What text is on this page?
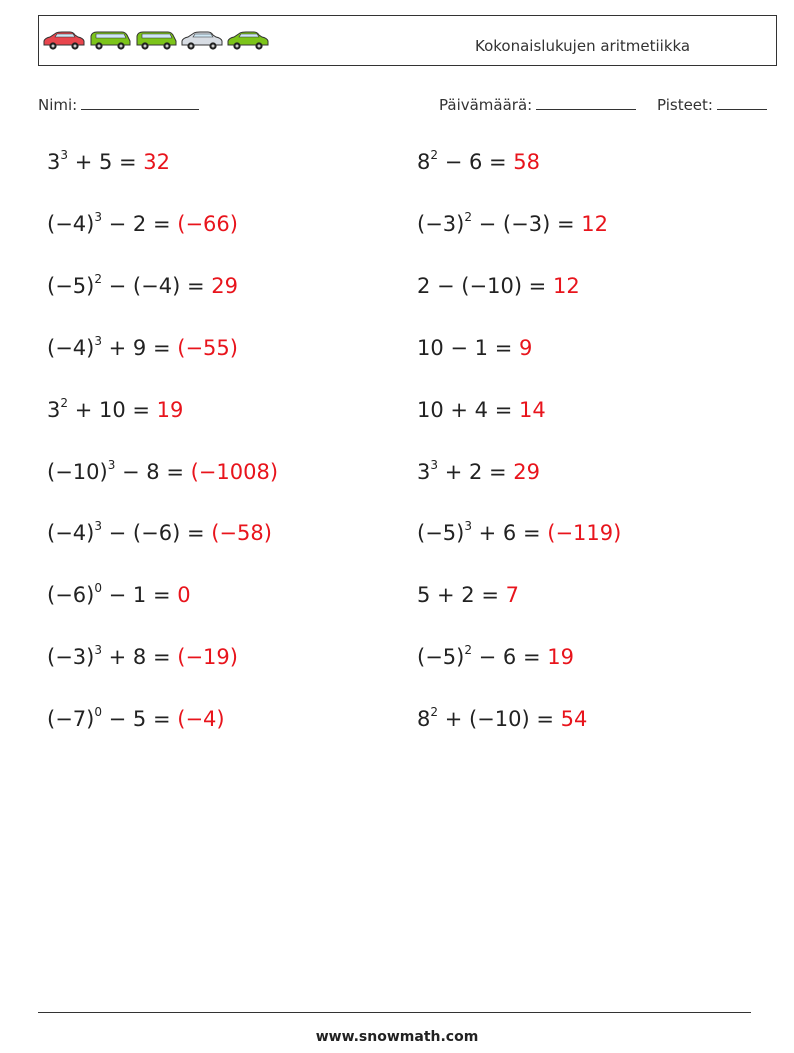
Kokonaislukujen aritmetiikka
Nimi:	Päivämäärä:	Pisteet:
$3^3 + 5 = 32$	$8^2 - 6 = 58$
$(-4)^3 - 2 = (-66)$	$(-3)^2 - (-3) = 12$
$(-5)^2 - (-4) = 29$	2 − (−10) = 12
$(-4)^3 + 9 = (-55)$	10 − 1 = 9
$3^2 + 10 = 19$	10 + 4 = 14
$(-10)^3 - 8 = (-1008)$	$3^3 + 2 = 29$
$(-4)^3 - (-6) = (-58)$	$(-5)^3 + 6 = (-119)$
$(-6)^0 - 1 = 0$	5 + 2 = 7
$(-3)^3 + 8 = (-19)$	$(-5)^2 - 6 = 19$
$(-7)^0 - 5 = (-4)$	$8^2 + (-10) = 54$
www.snowmath.com
